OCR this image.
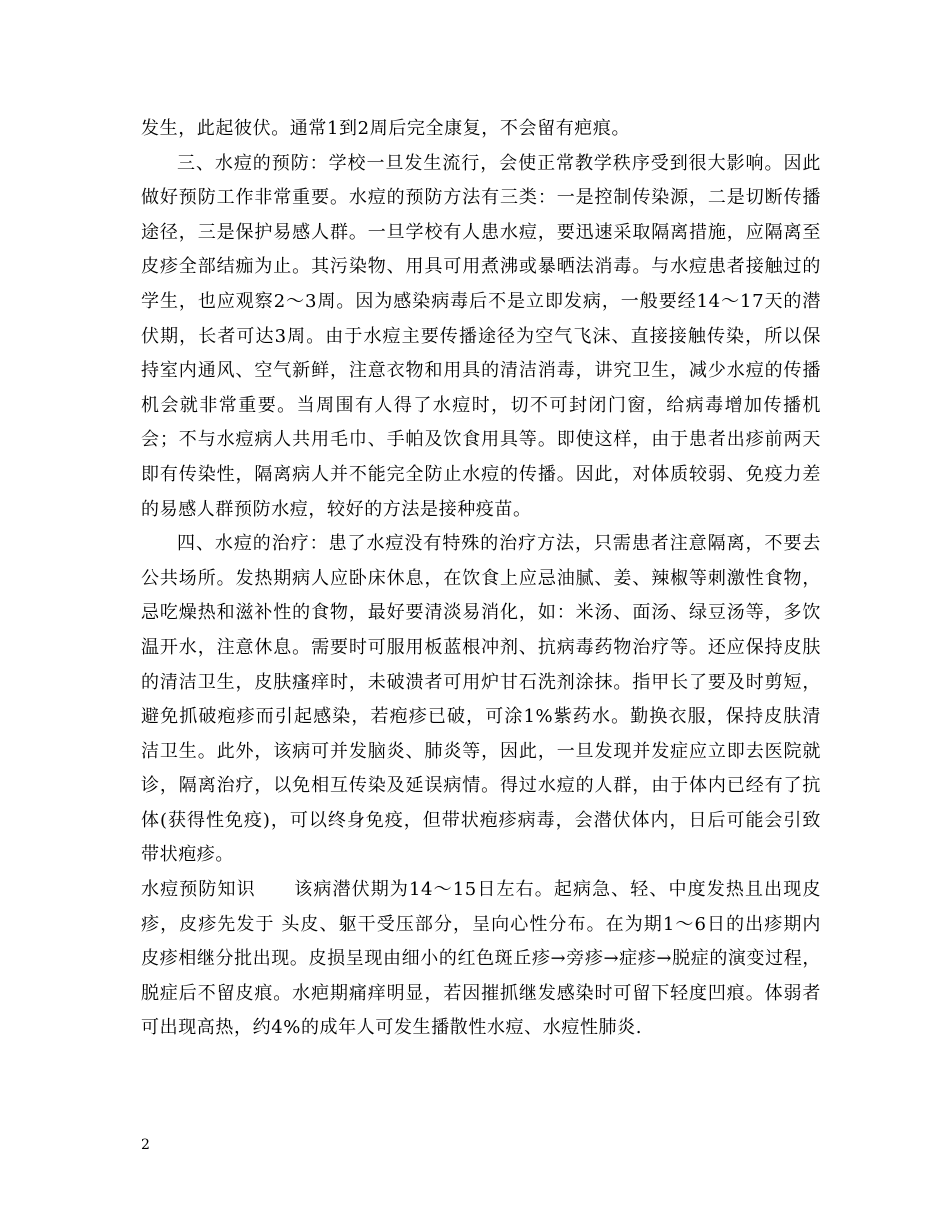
发生，此起彼伏。通常1到2周后完全康复，不会留有疤痕。

三、水痘的预防：学校一旦发生流行，会使正常教学秩序受到很大影响。因此做好预防工作非常重要。水痘的预防方法有三类：一是控制传染源，二是切断传播途径，三是保护易感人群。一旦学校有人患水痘，要迅速采取隔离措施，应隔离至皮疹全部结痂为止。其污染物、用具可用煮沸或暴晒法消毒。与水痘患者接触过的学生，也应观察2～3周。因为感染病毒后不是立即发病，一般要经14～17天的潜伏期，长者可达3周。由于水痘主要传播途径为空气飞沫、直接接触传染，所以保持室内通风、空气新鲜，注意衣物和用具的清洁消毒，讲究卫生，减少水痘的传播机会就非常重要。当周围有人得了水痘时，切不可封闭门窗，给病毒增加传播机会；不与水痘病人共用毛巾、手帕及饮食用具等。即使这样，由于患者出疹前两天即有传染性，隔离病人并不能完全防止水痘的传播。因此，对体质较弱、免疫力差的易感人群预防水痘，较好的方法是接种疫苗。

四、水痘的治疗：患了水痘没有特殊的治疗方法，只需患者注意隔离，不要去公共场所。发热期病人应卧床休息，在饮食上应忌油腻、姜、辣椒等刺激性食物，忌吃燥热和滋补性的食物，最好要清淡易消化，如：米汤、面汤、绿豆汤等，多饮温开水，注意休息。需要时可服用板蓝根冲剂、抗病毒药物治疗等。还应保持皮肤的清洁卫生，皮肤瘙痒时，未破溃者可用炉甘石洗剂涂抹。指甲长了要及时剪短，避免抓破疱疹而引起感染，若疱疹已破，可涂1%紫药水。勤换衣服，保持皮肤清洁卫生。此外，该病可并发脑炎、肺炎等，因此，一旦发现并发症应立即去医院就诊，隔离治疗，以免相互传染及延误病情。得过水痘的人群，由于体内已经有了抗体(获得性免疫)，可以终身免疫，但带状疱疹病毒，会潜伏体内，日后可能会引致带状疱疹。

水痘预防知识 该病潜伏期为14～15日左右。起病急、轻、中度发热且出现皮疹，皮疹先发于 头皮、躯干受压部分，呈向心性分布。在为期1～6日的出疹期内皮疹相继分批出现。皮损呈现由细小的红色斑丘疹→旁疹→症疹→脱症的演变过程，脱症后不留皮痕。水疤期痛痒明显，若因摧抓继发感染时可留下轻度凹痕。体弱者可出现高热，约4%的成年人可发生播散性水痘、水痘性肺炎.

2
